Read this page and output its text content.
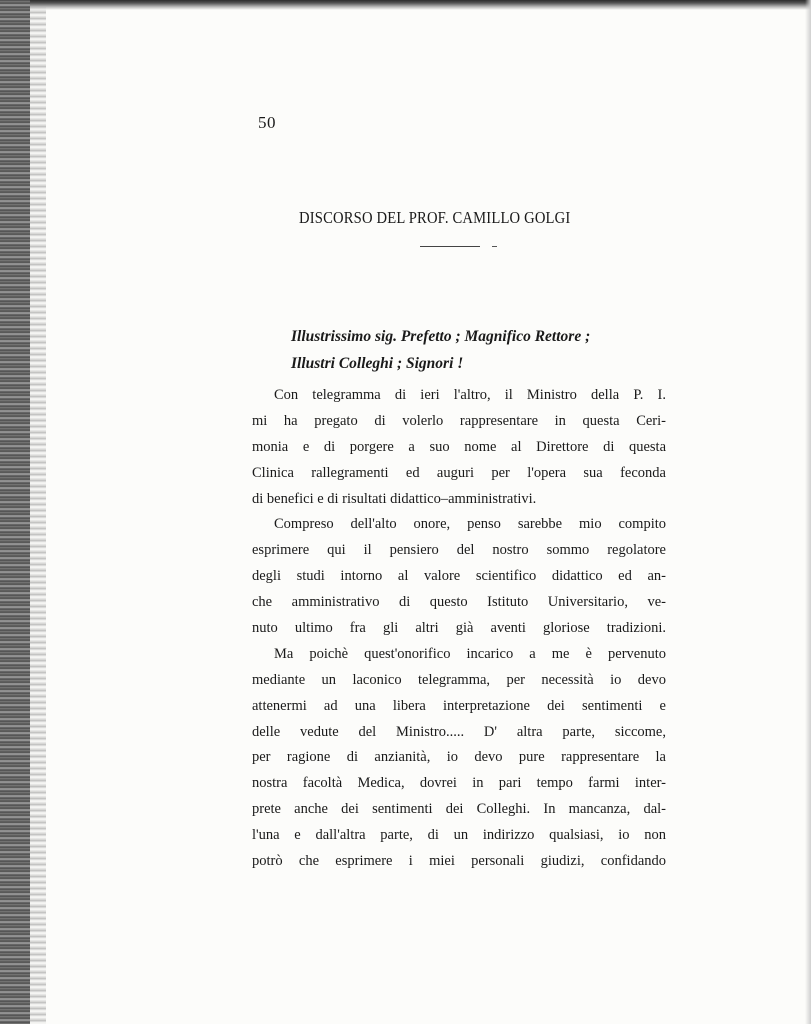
50
DISCORSO DEL PROF. CAMILLO GOLGI
Illustrissimo sig. Prefetto ; Magnifico Rettore ;
Illustri Colleghi ; Signori !
Con telegramma di ieri l'altro, il Ministro della P. I.
mi ha pregato di volerlo rappresentare in questa Ceri-
monia e di porgere a suo nome al Direttore di questa
Clinica rallegramenti ed auguri per l'opera sua feconda
di benefici e di risultati didattico–amministrativi.
Compreso dell'alto onore, penso sarebbe mio compito
esprimere qui il pensiero del nostro sommo regolatore
degli studi intorno al valore scientifico didattico ed an-
che amministrativo di questo Istituto Universitario, ve-
nuto ultimo fra gli altri già aventi gloriose tradizioni.
Ma poichè quest'onorifico incarico a me è pervenuto
mediante un laconico telegramma, per necessità io devo
attenermi ad una libera interpretazione dei sentimenti e
delle vedute del Ministro..... D' altra parte, siccome,
per ragione di anzianità, io devo pure rappresentare la
nostra facoltà Medica, dovrei in pari tempo farmi inter-
prete anche dei sentimenti dei Colleghi. In mancanza, dal-
l'una e dall'altra parte, di un indirizzo qualsiasi, io non
potrò che esprimere i miei personali giudizi, confidando
